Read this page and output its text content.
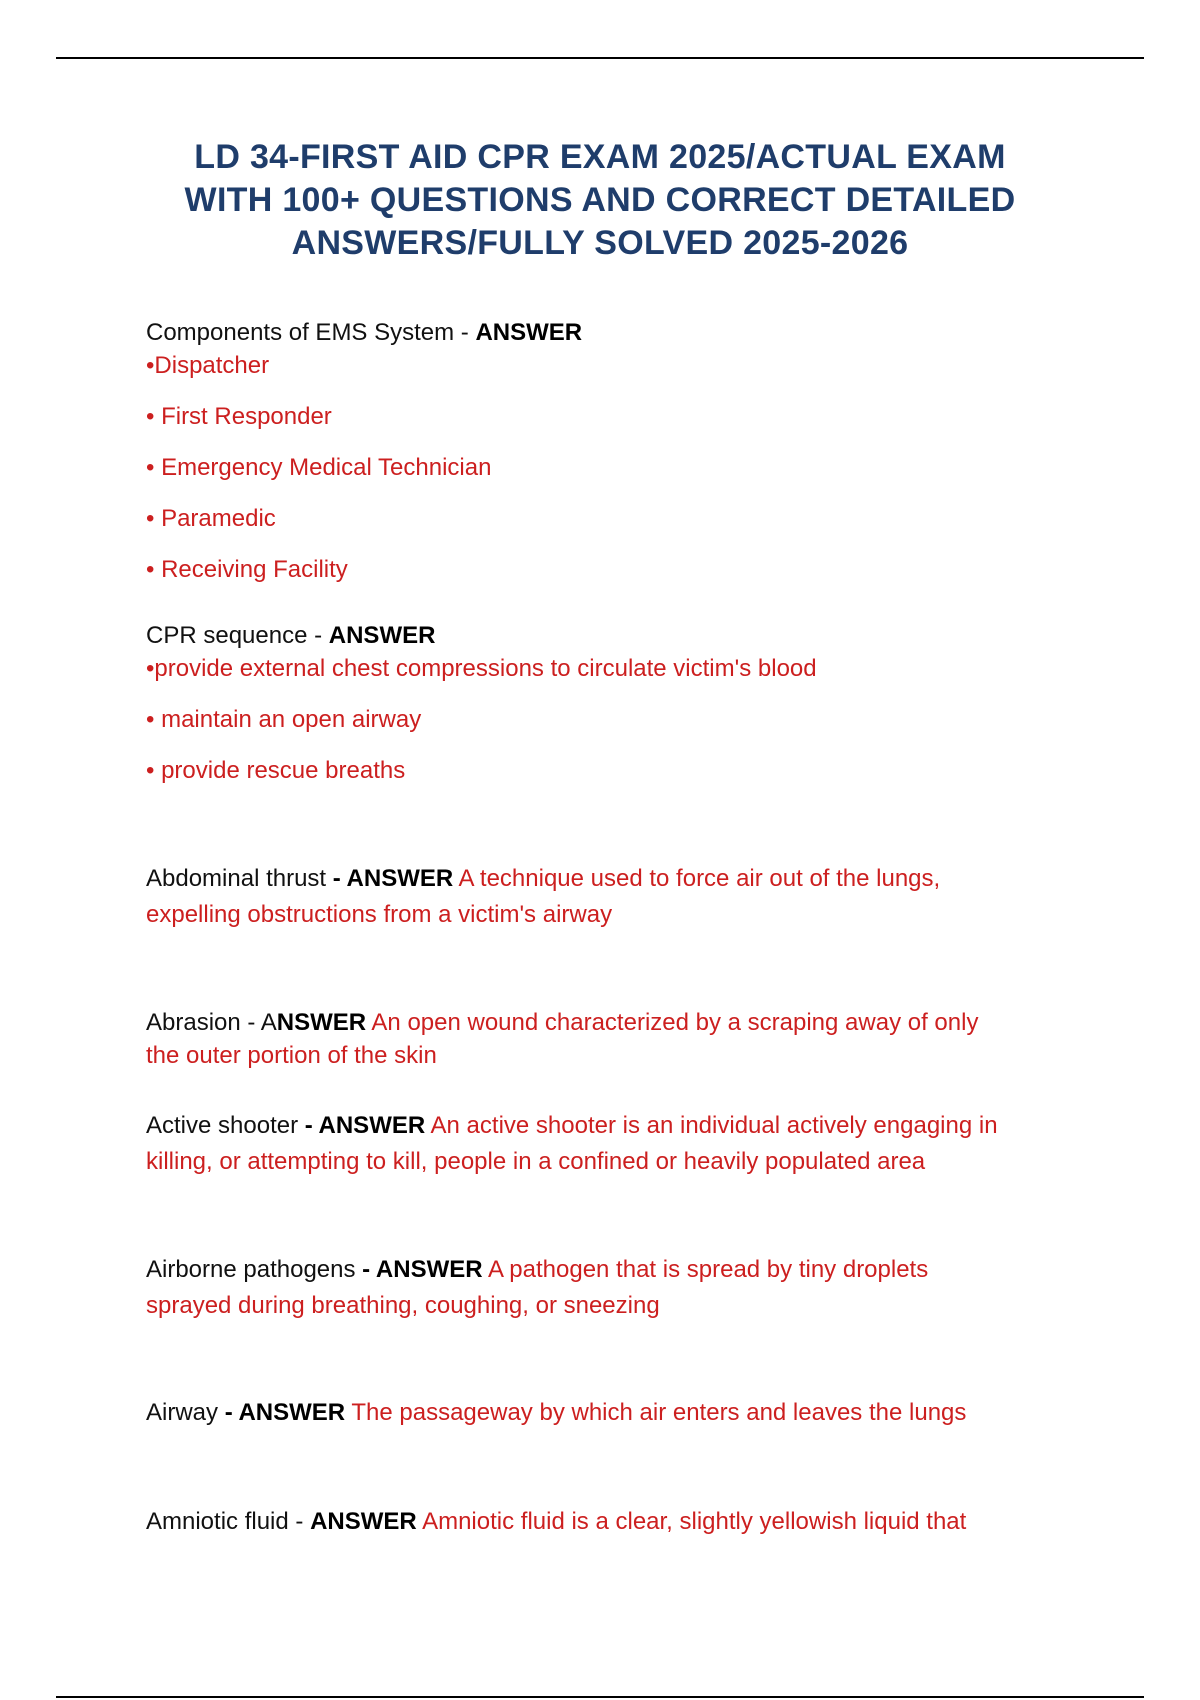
LD 34-FIRST AID CPR EXAM 2025/ACTUAL EXAM
WITH 100+ QUESTIONS AND CORRECT DETAILED
ANSWERS/FULLY SOLVED 2025-2026
Components of EMS System - ANSWER
•Dispatcher
• First Responder
• Emergency Medical Technician
• Paramedic
• Receiving Facility
CPR sequence - ANSWER
•provide external chest compressions to circulate victim's blood
• maintain an open airway
• provide rescue breaths
Abdominal thrust - ANSWER A technique used to force air out of the lungs,
expelling obstructions from a victim's airway
Abrasion - ANSWER An open wound characterized by a scraping away of only
the outer portion of the skin
Active shooter - ANSWER An active shooter is an individual actively engaging in
killing, or attempting to kill, people in a confined or heavily populated area
Airborne pathogens - ANSWER A pathogen that is spread by tiny droplets
sprayed during breathing, coughing, or sneezing
Airway - ANSWER The passageway by which air enters and leaves the lungs
Amniotic fluid - ANSWER Amniotic fluid is a clear, slightly yellowish liquid that
